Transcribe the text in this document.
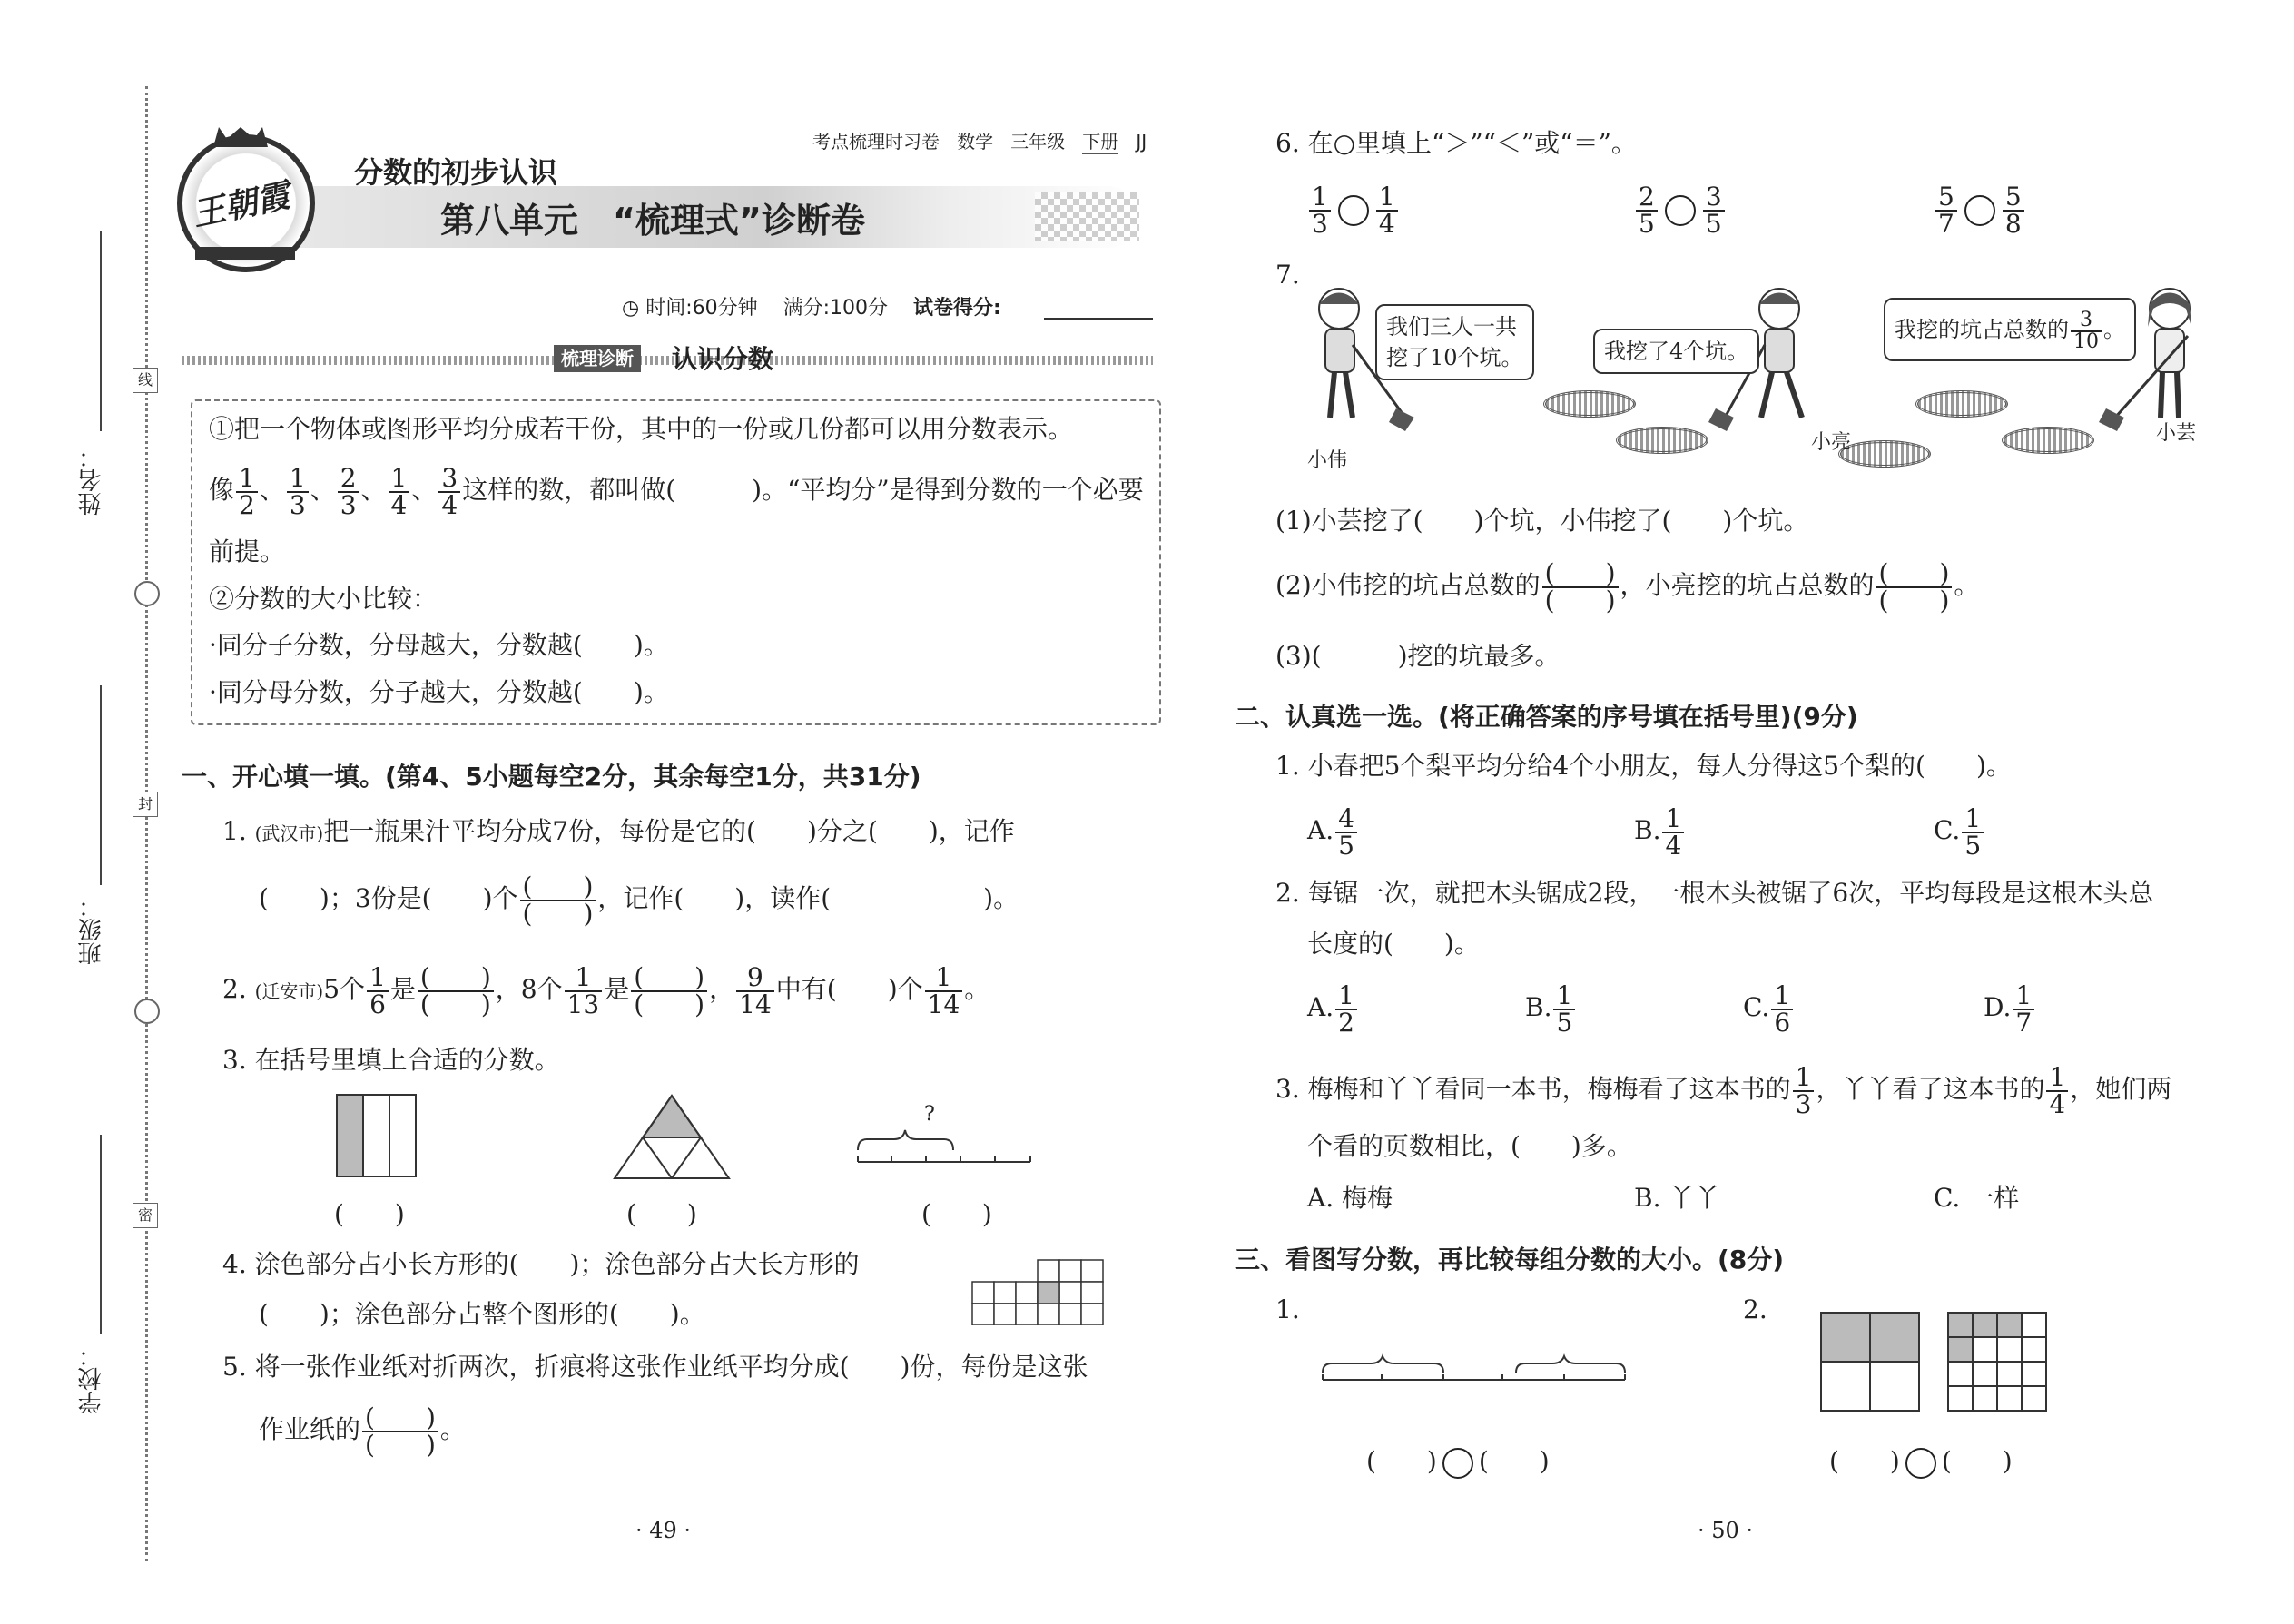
线
封
密
姓名：
班级：
学校：
考点梳理时习卷 数学 三年级 下册 JJ
王朝霞
分数的初步认识
第八单元　“梳理式”诊断卷
◷ 时间:60分钟 满分:100分 试卷得分:
梳理诊断 认识分数
①把一个物体或图形平均分成若干份，其中的一份或几份都可以用分数表示。
像 $\frac{1}{2}$ 、 $\frac{1}{3}$ 、 $\frac{2}{3}$ 、 $\frac{1}{4}$ 、 $\frac{3}{4}$ 这样的数，都叫做(　　　)。“平均分”是得到分数的一个必要
前提。
②分数的大小比较：
·同分子分数，分母越大，分数越(　　)。
·同分母分数，分子越大，分数越(　　)。
一、开心填一填。(第4、5小题每空2分，其余每空1分，共31分)
1. (武汉市)把一瓶果汁平均分成7份，每份是它的(　　)分之(　　)，记作
(　　)；3份是(　　)个 $\frac{( )}{( )}$ ，记作(　　)，读作(　　　　　　)。
2. (迁安市)5个 $\frac{1}{6}$ 是 $\frac{( )}{( )}$ ，8个 $\frac{1}{13}$ 是 $\frac{( )}{( )}$ ， $\frac{9}{14}$ 中有(　　)个 $\frac{1}{14}$ 。
3. 在括号里填上合适的分数。
?
(　　)	(　　)	(　　)
4. 涂色部分占小长方形的(　　)；涂色部分占大长方形的
(　　)；涂色部分占整个图形的(　　)。
5. 将一张作业纸对折两次，折痕将这张作业纸平均分成(　　)份，每份是这张
作业纸的 $\frac{( )}{( )}$ 。
· 49 ·
6. 在○里填上“＞”“＜”或“＝”。
$\frac{1}{3} \frac{1}{4}$	$\frac{2}{5} \frac{3}{5}$	$\frac{5}{7} \frac{5}{8}$
7.
我们三人一共
挖了10个坑。	我挖了4个坑。
我挖的坑占总数的 $\frac{3}{10}$ 。
小伟
小亮	小芸
(1)小芸挖了(　　)个坑，小伟挖了(　　)个坑。
(2)小伟挖的坑占总数的 $\frac{( )}{( )}$ ，小亮挖的坑占总数的 $\frac{( )}{( )}$ 。
(3)(　　　)挖的坑最多。
二、认真选一选。(将正确答案的序号填在括号里)(9分)
1. 小春把5个梨平均分给4个小朋友，每人分得这5个梨的(　　)。
A. $\frac{4}{5}$	B. $\frac{1}{4}$	C. $\frac{1}{5}$
2. 每锯一次，就把木头锯成2段，一根木头被锯了6次，平均每段是这根木头总
长度的(　　)。
A. $\frac{1}{2}$	B. $\frac{1}{5}$	C. $\frac{1}{6}$	D. $\frac{1}{7}$
3. 梅梅和丫丫看同一本书，梅梅看了这本书的 $\frac{1}{3}$ ，丫丫看了这本书的 $\frac{1}{4}$ ，她们两
个看的页数相比，(　　)多。
A. 梅梅	B. 丫丫	C. 一样
三、看图写分数，再比较每组分数的大小。(8分)
1.	2.
(　　) (　　)	(　　) (　　)
· 50 ·
